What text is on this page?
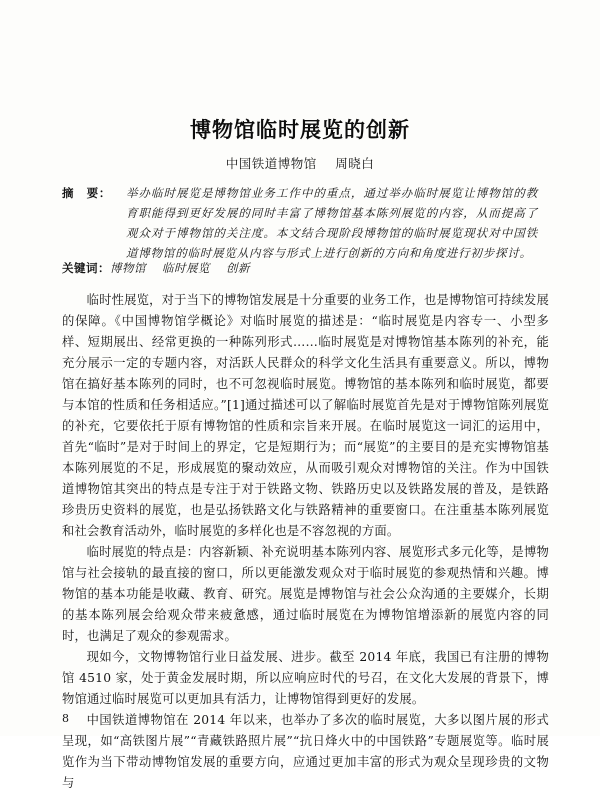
博物馆临时展览的创新
中国铁道博物馆 周晓白
摘　要：	举办临时展览是博物馆业务工作中的重点，通过举办临时展览让博物馆的教育职能得到更好发展的同时丰富了博物馆基本陈列展览的内容，从而提高了观众对于博物馆的关注度。本文结合现阶段博物馆的临时展览现状对中国铁道博物馆的临时展览从内容与形式上进行创新的方向和角度进行初步探讨。
关键词：博物馆 临时展览 创新

临时性展览，对于当下的博物馆发展是十分重要的业务工作，也是博物馆可持续发展的保障。《中国博物馆学概论》对临时展览的描述是：“临时展览是内容专一、小型多样、短期展出、经常更换的一种陈列形式……临时展览是对博物馆基本陈列的补充，能充分展示一定的专题内容，对活跃人民群众的科学文化生活具有重要意义。所以，博物馆在搞好基本陈列的同时，也不可忽视临时展览。博物馆的基本陈列和临时展览，都要与本馆的性质和任务相适应。”[1]通过描述可以了解临时展览首先是对于博物馆陈列展览的补充，它要依托于原有博物馆的性质和宗旨来开展。在临时展览这一词汇的运用中，首先“临时”是对于时间上的界定，它是短期行为；而“展览”的主要目的是充实博物馆基本陈列展览的不足，形成展览的聚动效应，从而吸引观众对博物馆的关注。作为中国铁道博物馆其突出的特点是专注于对于铁路文物、铁路历史以及铁路发展的普及，是铁路珍贵历史资料的展览，也是弘扬铁路文化与铁路精神的重要窗口。在注重基本陈列展览和社会教育活动外，临时展览的多样化也是不容忽视的方面。

临时展览的特点是：内容新颖、补充说明基本陈列内容、展览形式多元化等，是博物馆与社会接轨的最直接的窗口，所以更能激发观众对于临时展览的参观热情和兴趣。博物馆的基本功能是收藏、教育、研究。展览是博物馆与社会公众沟通的主要媒介，长期的基本陈列展会给观众带来疲惫感，通过临时展览在为博物馆增添新的展览内容的同时，也满足了观众的参观需求。

现如今，文物博物馆行业日益发展、进步。截至 2014 年底，我国已有注册的博物馆 4510 家，处于黄金发展时期，所以应响应时代的号召，在文化大发展的背景下，博物馆通过临时展览可以更加具有活力，让博物馆得到更好的发展。

中国铁道博物馆在 2014 年以来，也举办了多次的临时展览，大多以图片展的形式呈现，如“高铁图片展”“青藏铁路照片展”“抗日烽火中的中国铁路”专题展览等。临时展览作为当下带动博物馆发展的重要方向，应通过更加丰富的形式为观众呈现珍贵的文物与

8
